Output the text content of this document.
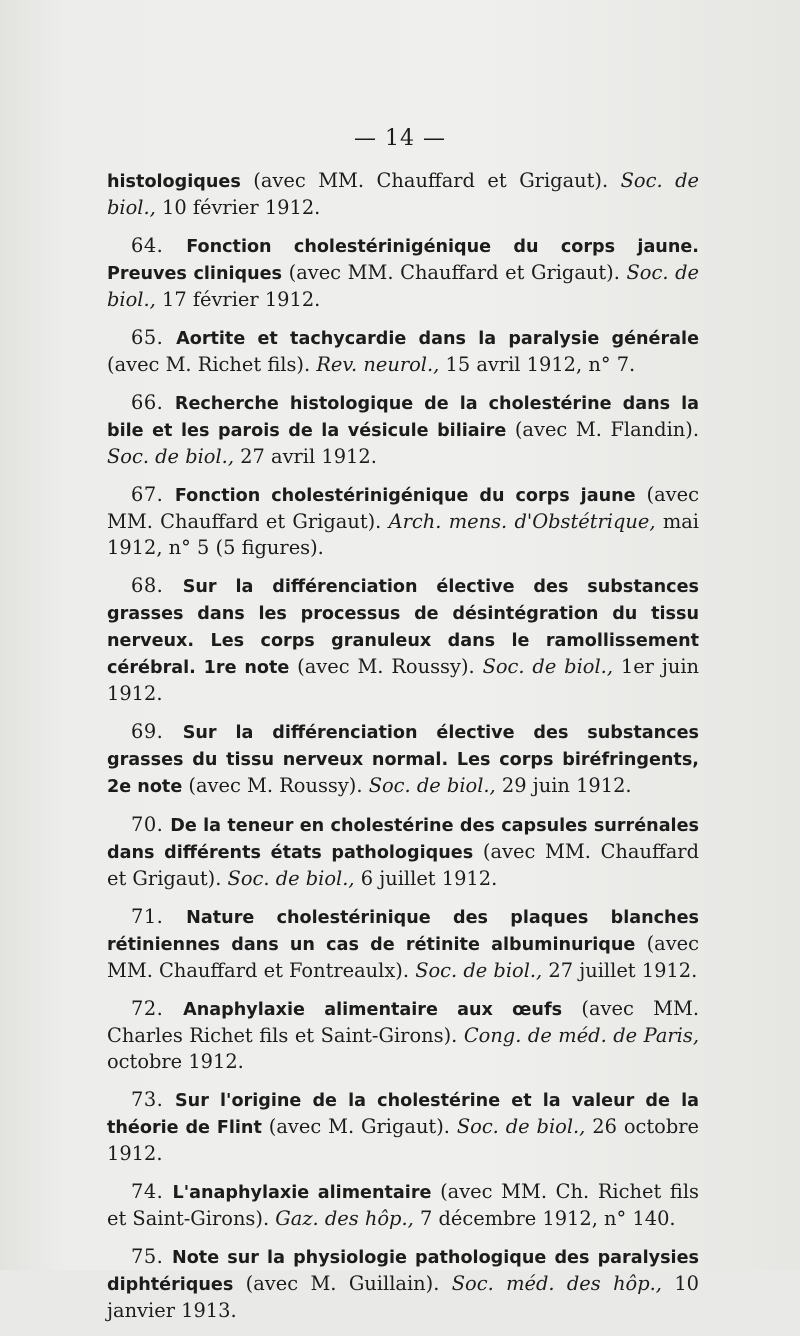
— 14 —

histologiques (avec MM. Chauffard et Grigaut). Soc. de biol., 10 février 1912.

64. Fonction cholestérinigénique du corps jaune. Preuves cliniques (avec MM. Chauffard et Grigaut). Soc. de biol., 17 février 1912.

65. Aortite et tachycardie dans la paralysie générale (avec M. Richet fils). Rev. neurol., 15 avril 1912, n° 7.

66. Recherche histologique de la cholestérine dans la bile et les parois de la vésicule biliaire (avec M. Flandin). Soc. de biol., 27 avril 1912.

67. Fonction cholestérinigénique du corps jaune (avec MM. Chauffard et Grigaut). Arch. mens. d'Obstétrique, mai 1912, n° 5 (5 figures).

68. Sur la différenciation élective des substances grasses dans les processus de désintégration du tissu nerveux. Les corps granuleux dans le ramollissement cérébral. 1re note (avec M. Roussy). Soc. de biol., 1er juin 1912.

69. Sur la différenciation élective des substances grasses du tissu nerveux normal. Les corps biréfringents, 2e note (avec M. Roussy). Soc. de biol., 29 juin 1912.

70. De la teneur en cholestérine des capsules surrénales dans différents états pathologiques (avec MM. Chauffard et Grigaut). Soc. de biol., 6 juillet 1912.

71. Nature cholestérinique des plaques blanches rétiniennes dans un cas de rétinite albuminurique (avec MM. Chauffard et Fontreaulx). Soc. de biol., 27 juillet 1912.

72. Anaphylaxie alimentaire aux œufs (avec MM. Charles Richet fils et Saint-Girons). Cong. de méd. de Paris, octobre 1912.

73. Sur l'origine de la cholestérine et la valeur de la théorie de Flint (avec M. Grigaut). Soc. de biol., 26 octobre 1912.

74. L'anaphylaxie alimentaire (avec MM. Ch. Richet fils et Saint-Girons). Gaz. des hôp., 7 décembre 1912, n° 140.

75. Note sur la physiologie pathologique des paralysies diphtériques (avec M. Guillain). Soc. méd. des hôp., 10 janvier 1913.
